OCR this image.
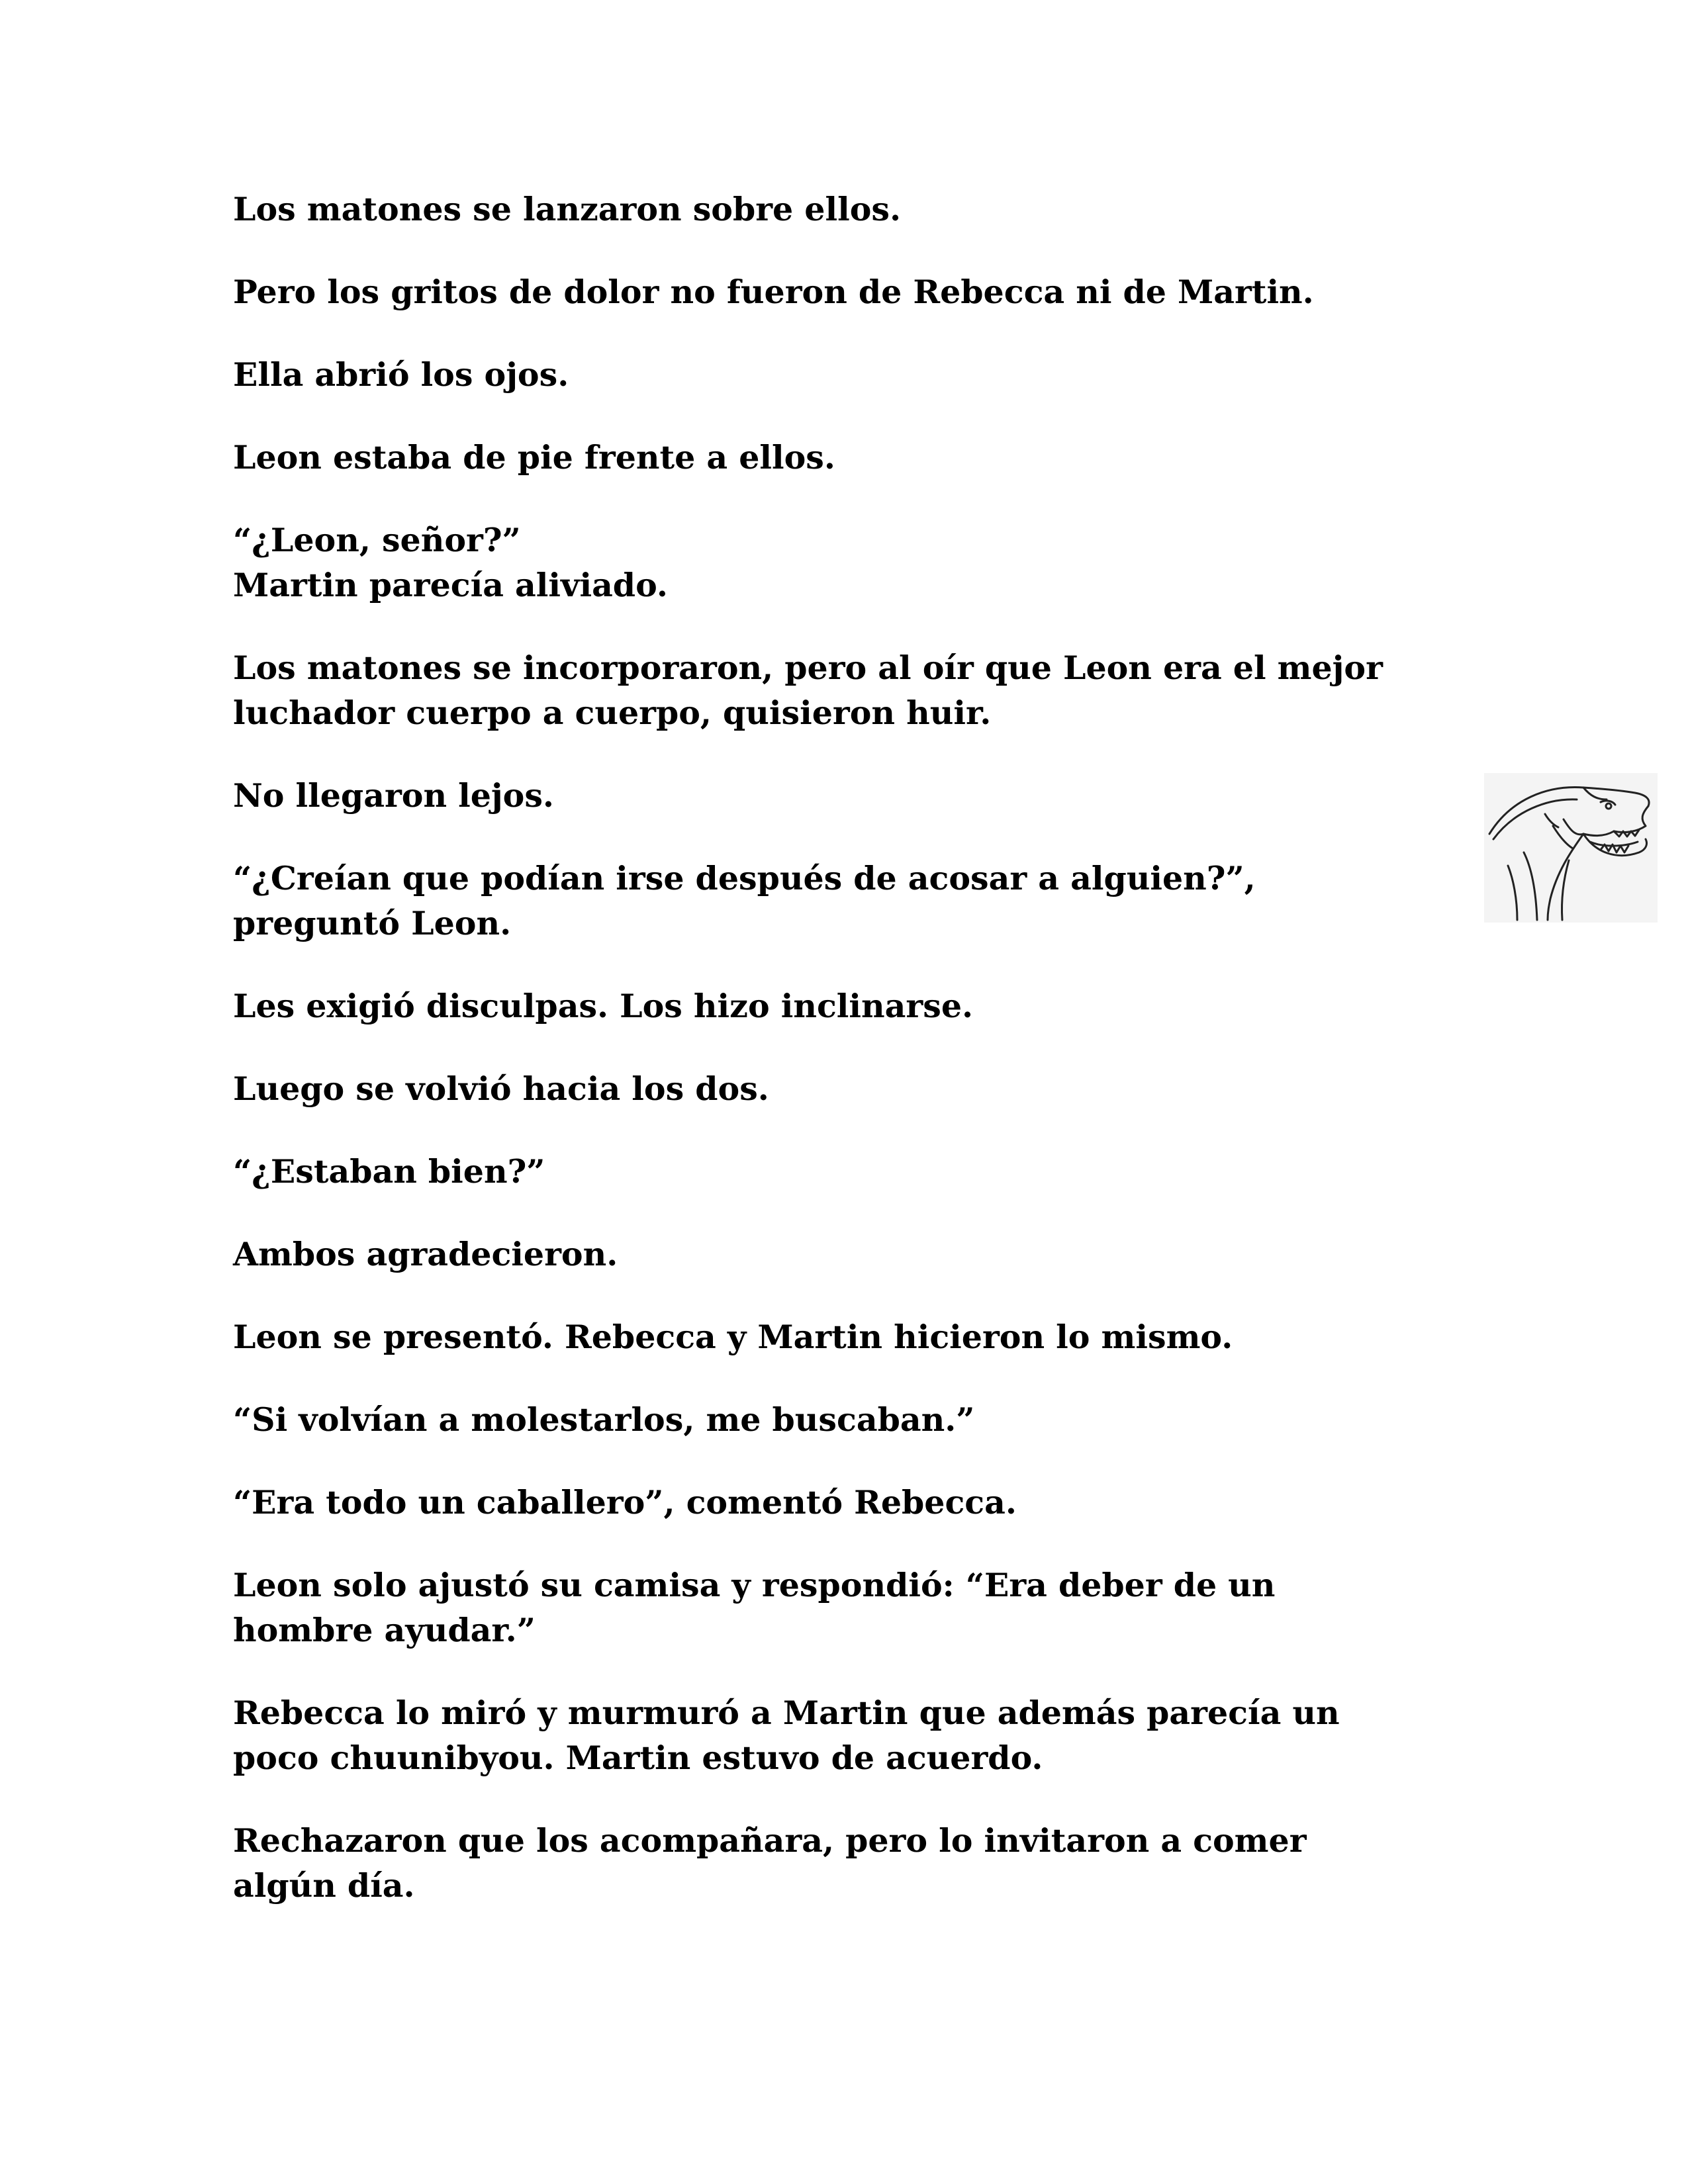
Los matones se lanzaron sobre ellos.

Pero los gritos de dolor no fueron de Rebecca ni de Martin.

Ella abrió los ojos.

Leon estaba de pie frente a ellos.

“¿Leon, señor?”
Martin parecía aliviado.

Los matones se incorporaron, pero al oír que Leon era el mejor
luchador cuerpo a cuerpo, quisieron huir.

No llegaron lejos.

“¿Creían que podían irse después de acosar a alguien?”,
preguntó Leon.

Les exigió disculpas. Los hizo inclinarse.

Luego se volvió hacia los dos.

“¿Estaban bien?”

Ambos agradecieron.

Leon se presentó. Rebecca y Martin hicieron lo mismo.

“Si volvían a molestarlos, me buscaban.”

“Era todo un caballero”, comentó Rebecca.

Leon solo ajustó su camisa y respondió: “Era deber de un
hombre ayudar.”

Rebecca lo miró y murmuró a Martin que además parecía un
poco chuunibyou. Martin estuvo de acuerdo.

Rechazaron que los acompañara, pero lo invitaron a comer
algún día.
